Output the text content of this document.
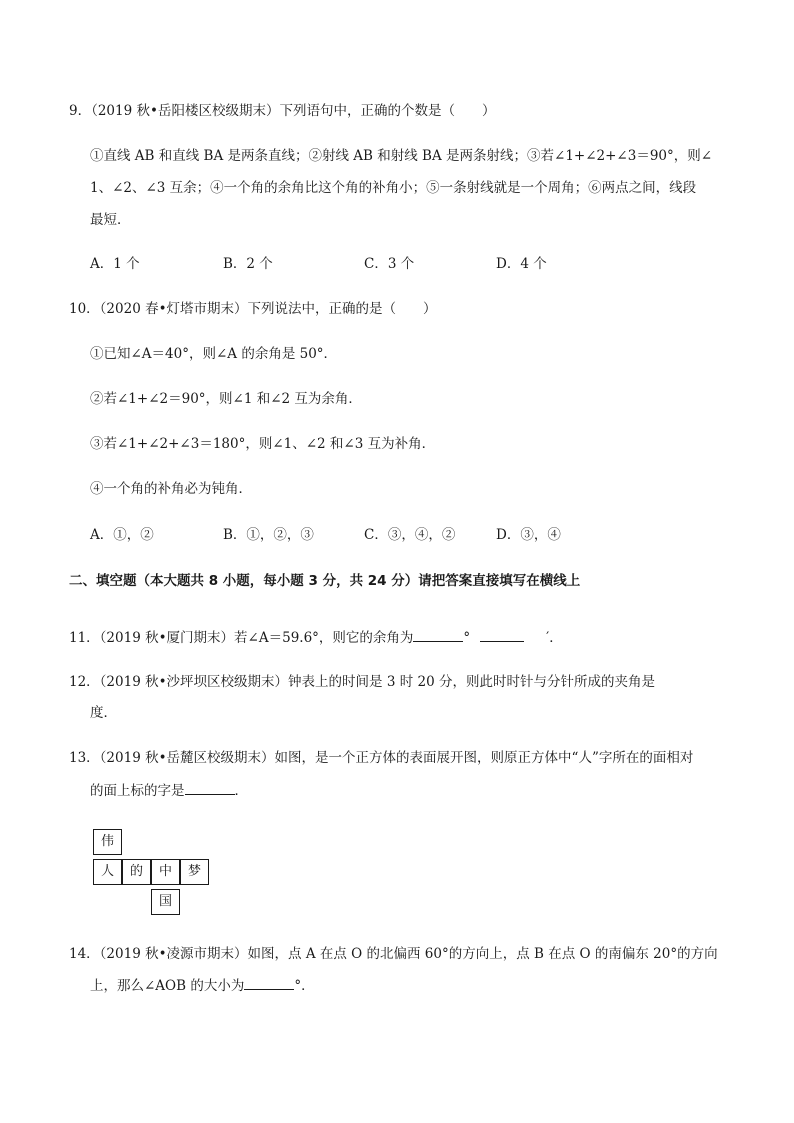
9．（2019 秋•岳阳楼区校级期末）下列语句中，正确的个数是（　　）
①直线 AB 和直线 BA 是两条直线；②射线 AB 和射线 BA 是两条射线；③若∠1+∠2+∠3＝90°，则∠
1、∠2、∠3 互余；④一个角的余角比这个角的补角小；⑤一条射线就是一个周角；⑥两点之间，线段
最短．
A．1 个	B．2 个	C．3 个	D．4 个
10．（2020 春•灯塔市期末）下列说法中，正确的是（　　）
①已知∠A＝40°，则∠A 的余角是 50°．
②若∠1+∠2＝90°，则∠1 和∠2 互为余角．
③若∠1+∠2+∠3＝180°，则∠1、∠2 和∠3 互为补角．
④一个角的补角必为钝角．
A．①，②	B．①，②，③	C．③，④，②	D．③，④
二、填空题（本大题共 8 小题，每小题 3 分，共 24 分）请把答案直接填写在横线上
11．（2019 秋•厦门期末）若∠A＝59.6°，则它的余角为	°	′．
12．（2019 秋•沙坪坝区校级期末）钟表上的时间是 3 时 20 分，则此时时针与分针所成的夹角是
度．
13．（2019 秋•岳麓区校级期末）如图，是一个正方体的表面展开图，则原正方体中“人”字所在的面相对
的面上标的字是	．
伟
人	的	中	梦
国
14．（2019 秋•凌源市期末）如图，点 A 在点 O 的北偏西 60°的方向上，点 B 在点 O 的南偏东 20°的方向
上，那么∠AOB 的大小为	°．
